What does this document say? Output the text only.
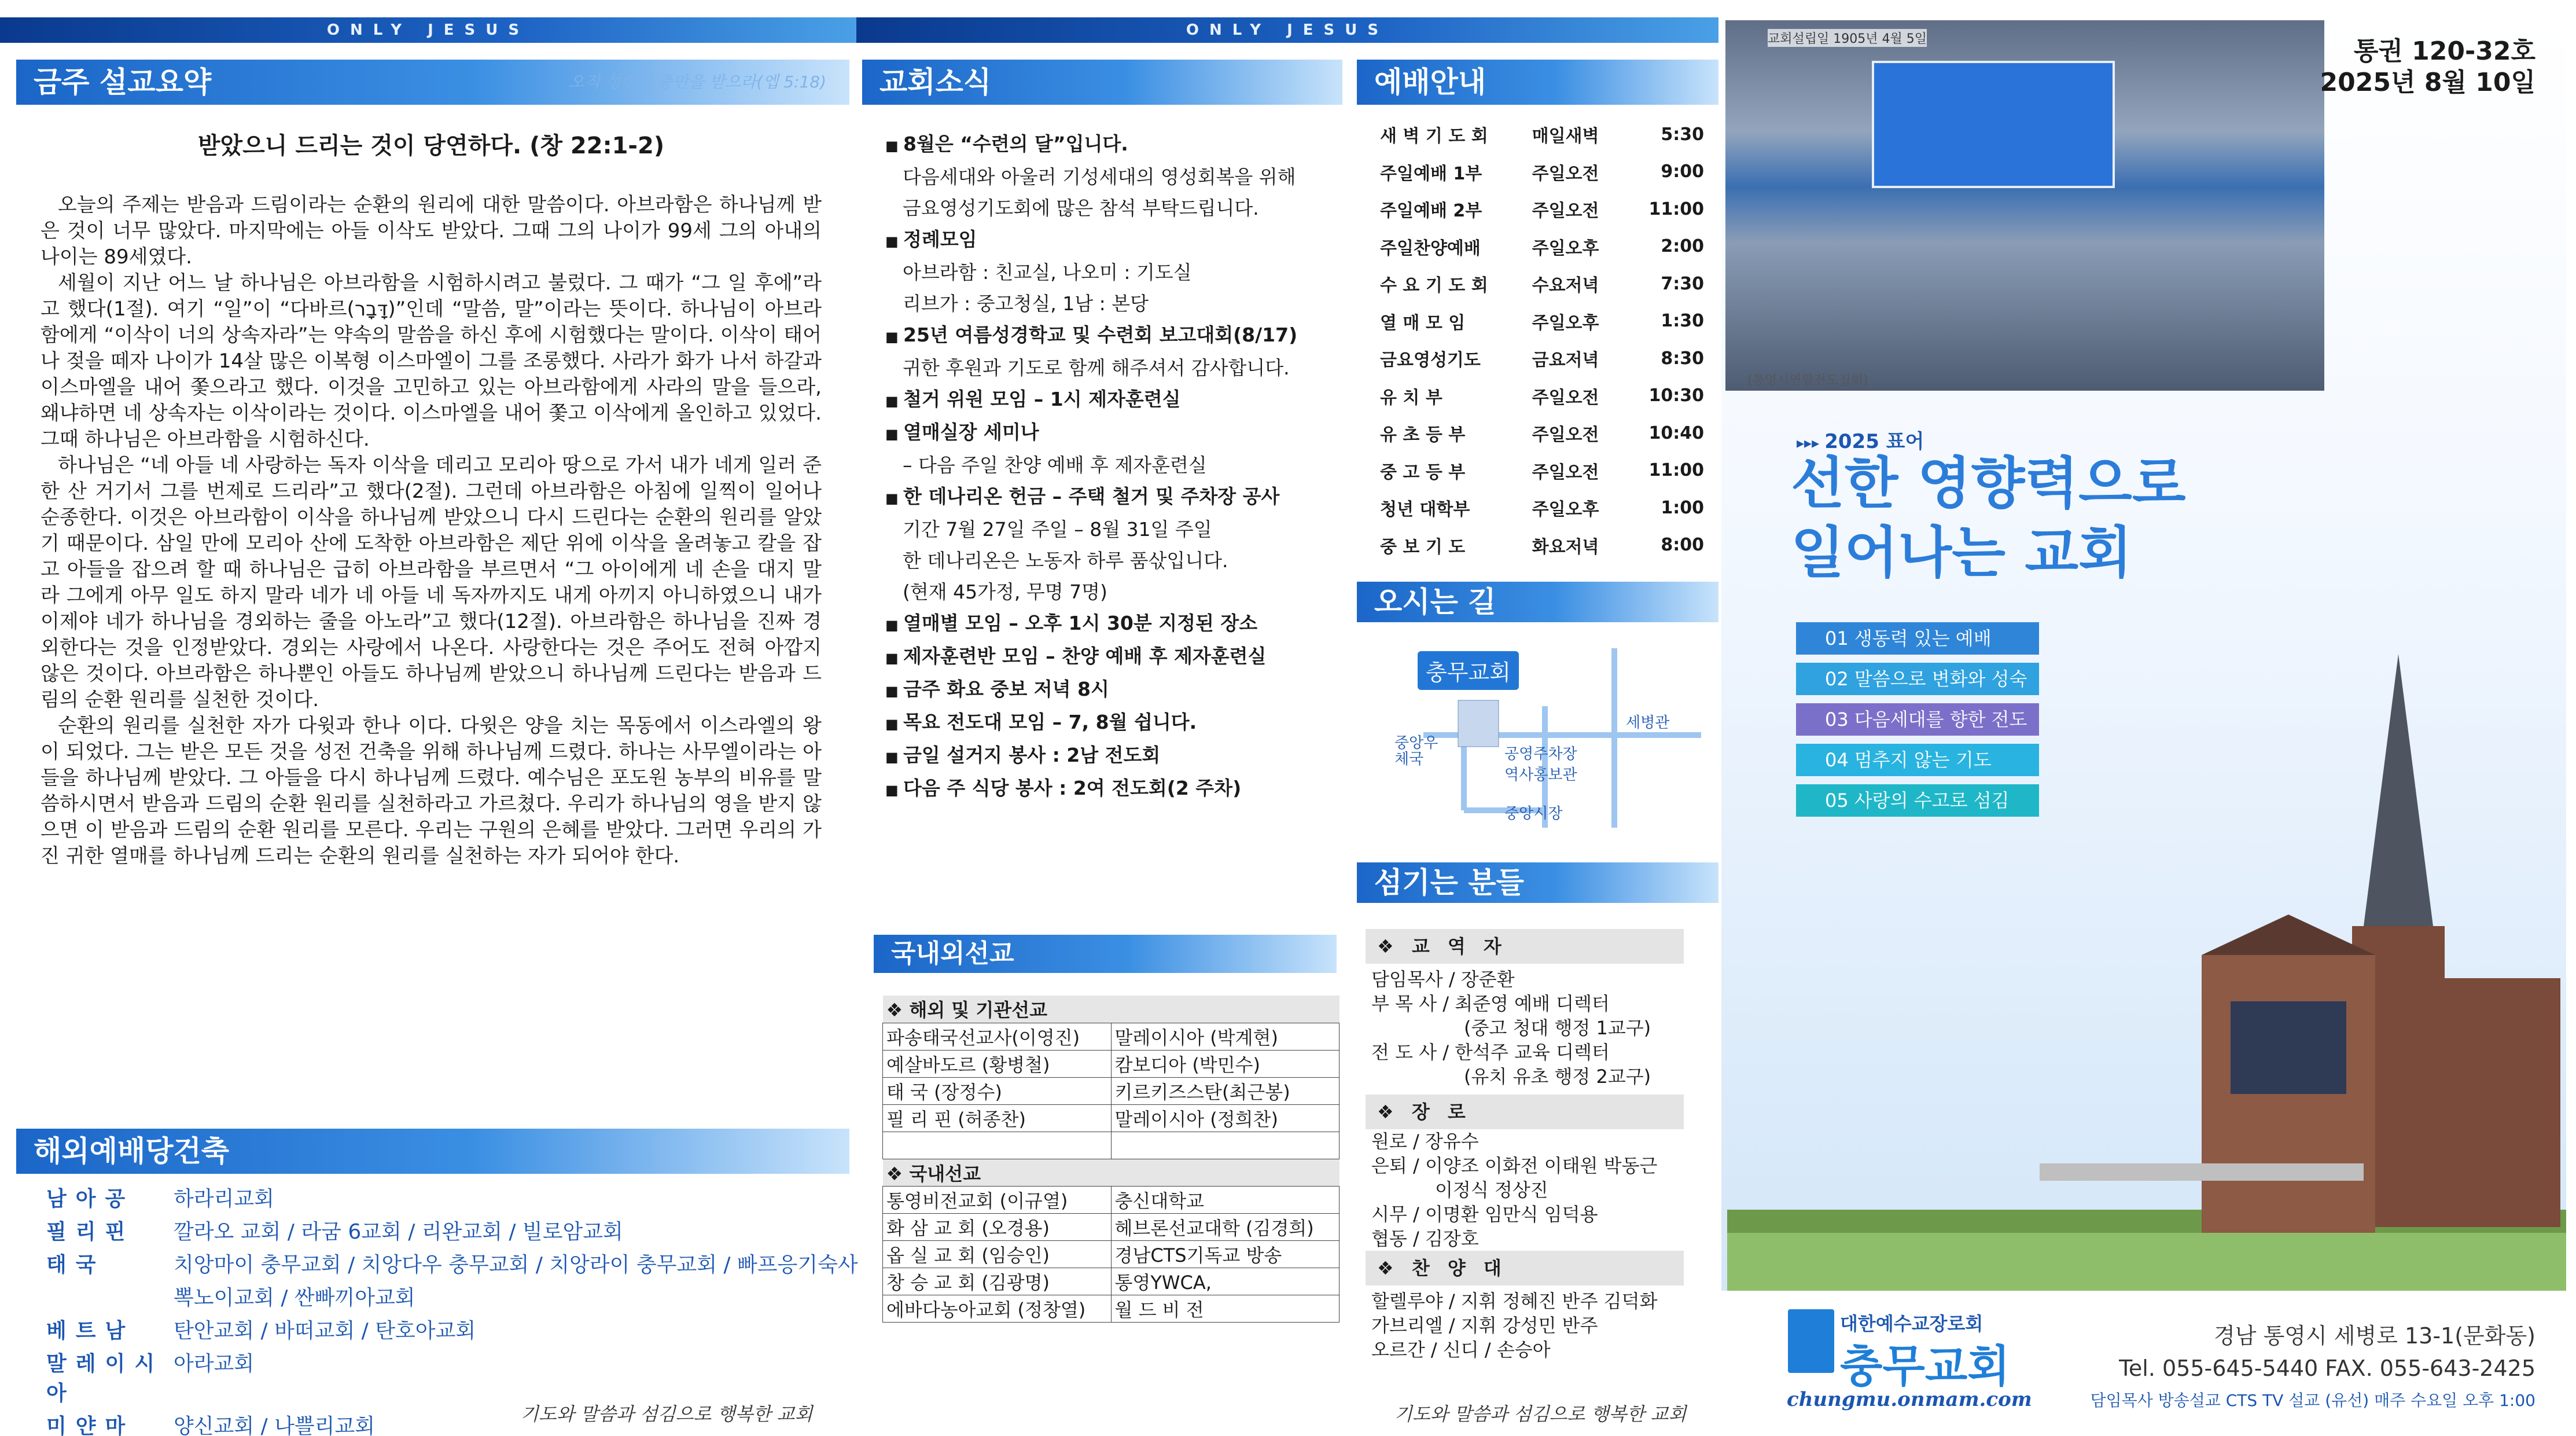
ONLY JESUS	ONLY JESUS
금주 설교요약	오직 성령의 충만을 받으라(엡 5:18)
받았으니 드리는 것이 당연하다. (창 22:1-2)

오늘의 주제는 받음과 드림이라는 순환의 원리에 대한 말씀이다. 아브라함은 하나님께 받은 것이 너무 많았다. 마지막에는 아들 이삭도 받았다. 그때 그의 나이가 99세 그의 아내의 나이는 89세였다.

세월이 지난 어느 날 하나님은 아브라함을 시험하시려고 불렀다. 그 때가 “그 일 후에”라고 했다(1절). 여기 “일”이 “다바르(דָּבָר)”인데 “말씀, 말”이라는 뜻이다. 하나님이 아브라함에게 “이삭이 너의 상속자라”는 약속의 말씀을 하신 후에 시험했다는 말이다. 이삭이 태어나 젖을 떼자 나이가 14살 많은 이복형 이스마엘이 그를 조롱했다. 사라가 화가 나서 하갈과 이스마엘을 내어 쫓으라고 했다. 이것을 고민하고 있는 아브라함에게 사라의 말을 들으라, 왜냐하면 네 상속자는 이삭이라는 것이다. 이스마엘을 내어 쫓고 이삭에게 올인하고 있었다. 그때 하나님은 아브라함을 시험하신다.

하나님은 “네 아들 네 사랑하는 독자 이삭을 데리고 모리아 땅으로 가서 내가 네게 일러 준 한 산 거기서 그를 번제로 드리라”고 했다(2절). 그런데 아브라함은 아침에 일찍이 일어나 순종한다. 이것은 아브라함이 이삭을 하나님께 받았으니 다시 드린다는 순환의 원리를 알았기 때문이다. 삼일 만에 모리아 산에 도착한 아브라함은 제단 위에 이삭을 올려놓고 칼을 잡고 아들을 잡으려 할 때 하나님은 급히 아브라함을 부르면서 “그 아이에게 네 손을 대지 말라 그에게 아무 일도 하지 말라 네가 네 아들 네 독자까지도 내게 아끼지 아니하였으니 내가 이제야 네가 하나님을 경외하는 줄을 아노라”고 했다(12절). 아브라함은 하나님을 진짜 경외한다는 것을 인정받았다. 경외는 사랑에서 나온다. 사랑한다는 것은 주어도 전혀 아깝지 않은 것이다. 아브라함은 하나뿐인 아들도 하나님께 받았으니 하나님께 드린다는 받음과 드림의 순환 원리를 실천한 것이다.

순환의 원리를 실천한 자가 다윗과 한나 이다. 다윗은 양을 치는 목동에서 이스라엘의 왕이 되었다. 그는 받은 모든 것을 성전 건축을 위해 하나님께 드렸다. 하나는 사무엘이라는 아들을 하나님께 받았다. 그 아들을 다시 하나님께 드렸다. 예수님은 포도원 농부의 비유를 말씀하시면서 받음과 드림의 순환 원리를 실천하라고 가르쳤다. 우리가 하나님의 영을 받지 않으면 이 받음과 드림의 순환 원리를 모른다. 우리는 구원의 은혜를 받았다. 그러면 우리의 가진 귀한 열매를 하나님께 드리는 순환의 원리를 실천하는 자가 되어야 한다.

해외예배당건축
남아공	하라리교회
필리핀	깔라오 교회 / 라굼 6교회 / 리완교회 / 빌로암교회
태국	치앙마이 충무교회 / 치앙다우 충무교회 / 치앙라이 충무교회 / 빠프응기숙사
	뽁노이교회 / 싼빠끼아교회
베트남	탄안교회 / 바떠교회 / 탄호아교회
말레이시아	아라교회
미얀마	양신교회 / 나쁠리교회
기도와 말씀과 섬김으로 행복한 교회
교회소식
■ 8월은 “수련의 달”입니다.
다음세대와 아울러 기성세대의 영성회복을 위해
금요영성기도회에 많은 참석 부탁드립니다.
■ 정례모임
아브라함 : 친교실, 나오미 : 기도실
리브가 : 중고청실, 1남 : 본당
■ 25년 여름성경학교 및 수련회 보고대회(8/17)
귀한 후원과 기도로 함께 해주셔서 감사합니다.
■ 철거 위원 모임 – 1시 제자훈련실
■ 열매실장 세미나
– 다음 주일 찬양 예배 후 제자훈련실
■ 한 데나리온 헌금 – 주택 철거 및 주차장 공사
기간 7월 27일 주일 – 8월 31일 주일
한 데나리온은 노동자 하루 품삯입니다.
(현재 45가정, 무명 7명)
■ 열매별 모임 – 오후 1시 30분 지정된 장소
■ 제자훈련반 모임 – 찬양 예배 후 제자훈련실
■ 금주 화요 중보 저녁 8시
■ 목요 전도대 모임 – 7, 8월 쉽니다.
■ 금일 설거지 봉사 : 2남 전도회
■ 다음 주 식당 봉사 : 2여 전도회(2 주차)
국내외선교
❖ 해외 및 기관선교	
파송태국선교사(이영진)	말레이시아 (박계현)
예살바도르 (황병철)	캄보디아 (박민수)
태 국 (장정수)	키르키즈스탄(최근봉)
필 리 핀 (허종찬)	말레이시아 (정희찬)

❖ 국내선교	
통영비전교회 (이규열)	충신대학교
화 삼 교 회 (오경용)	헤브론선교대학 (김경희)
옵 실 교 회 (임승인)	경남CTS기독교 방송
창 승 교 회 (김광명)	통영YWCA,
에바다농아교회 (정창열)	월 드 비 전
예배안내
새 벽 기 도 회	매일새벽	5:30
주일예배 1부	주일오전	9:00
주일예배 2부	주일오전	11:00
주일찬양예배	주일오후	2:00
수 요 기 도 회	수요저녁	7:30
열 매 모 임	주일오후	1:30
금요영성기도	금요저녁	8:30
유 치 부	주일오전	10:30
유 초 등 부	주일오전	10:40
중 고 등 부	주일오전	11:00
청년 대학부	주일오후	1:00
중 보 기 도	화요저녁	8:00
오시는 길
충무교회
세병관
중앙우체국	공영주차장
역사홍보관
중앙시장
섬기는 분들
❖ 교 역 자
담임목사 / 장준환
부 목 사 / 최준영 예배 디렉터
(중고 청대 행정 1교구)
전 도 사 / 한석주 교육 디렉터
(유치 유초 행정 2교구)
❖ 장 로
원로 / 장유수
은퇴 / 이양조 이화전 이태원 박동근
이정식 정상진
시무 / 이명환 임만식 임덕용
협동 / 김장호
❖ 찬 양 대
할렐루야 / 지휘 정혜진 반주 김덕화
가브리엘 / 지휘 강성민 반주
오르간 / 신디 / 손승아
기도와 말씀과 섬김으로 행복한 교회
교회설립일 1905년 4월 5일
(통영시연합전도집회)
통권 120-32호
2025년 8월 10일
▸▸▸ 2025 표어
선한 영향력으로
일어나는 교회
01 생동력 있는 예배
02 말씀으로 변화와 성숙
03 다음세대를 향한 전도
04 멈추지 않는 기도
05 사랑의 수고로 섬김
대한예수교장로회
충무교회
chungmu.onmam.com
경남 통영시 세병로 13-1(문화동)
Tel. 055-645-5440 FAX. 055-643-2425
담임목사 방송설교 CTS TV 설교 (유선) 매주 수요일 오후 1:00
